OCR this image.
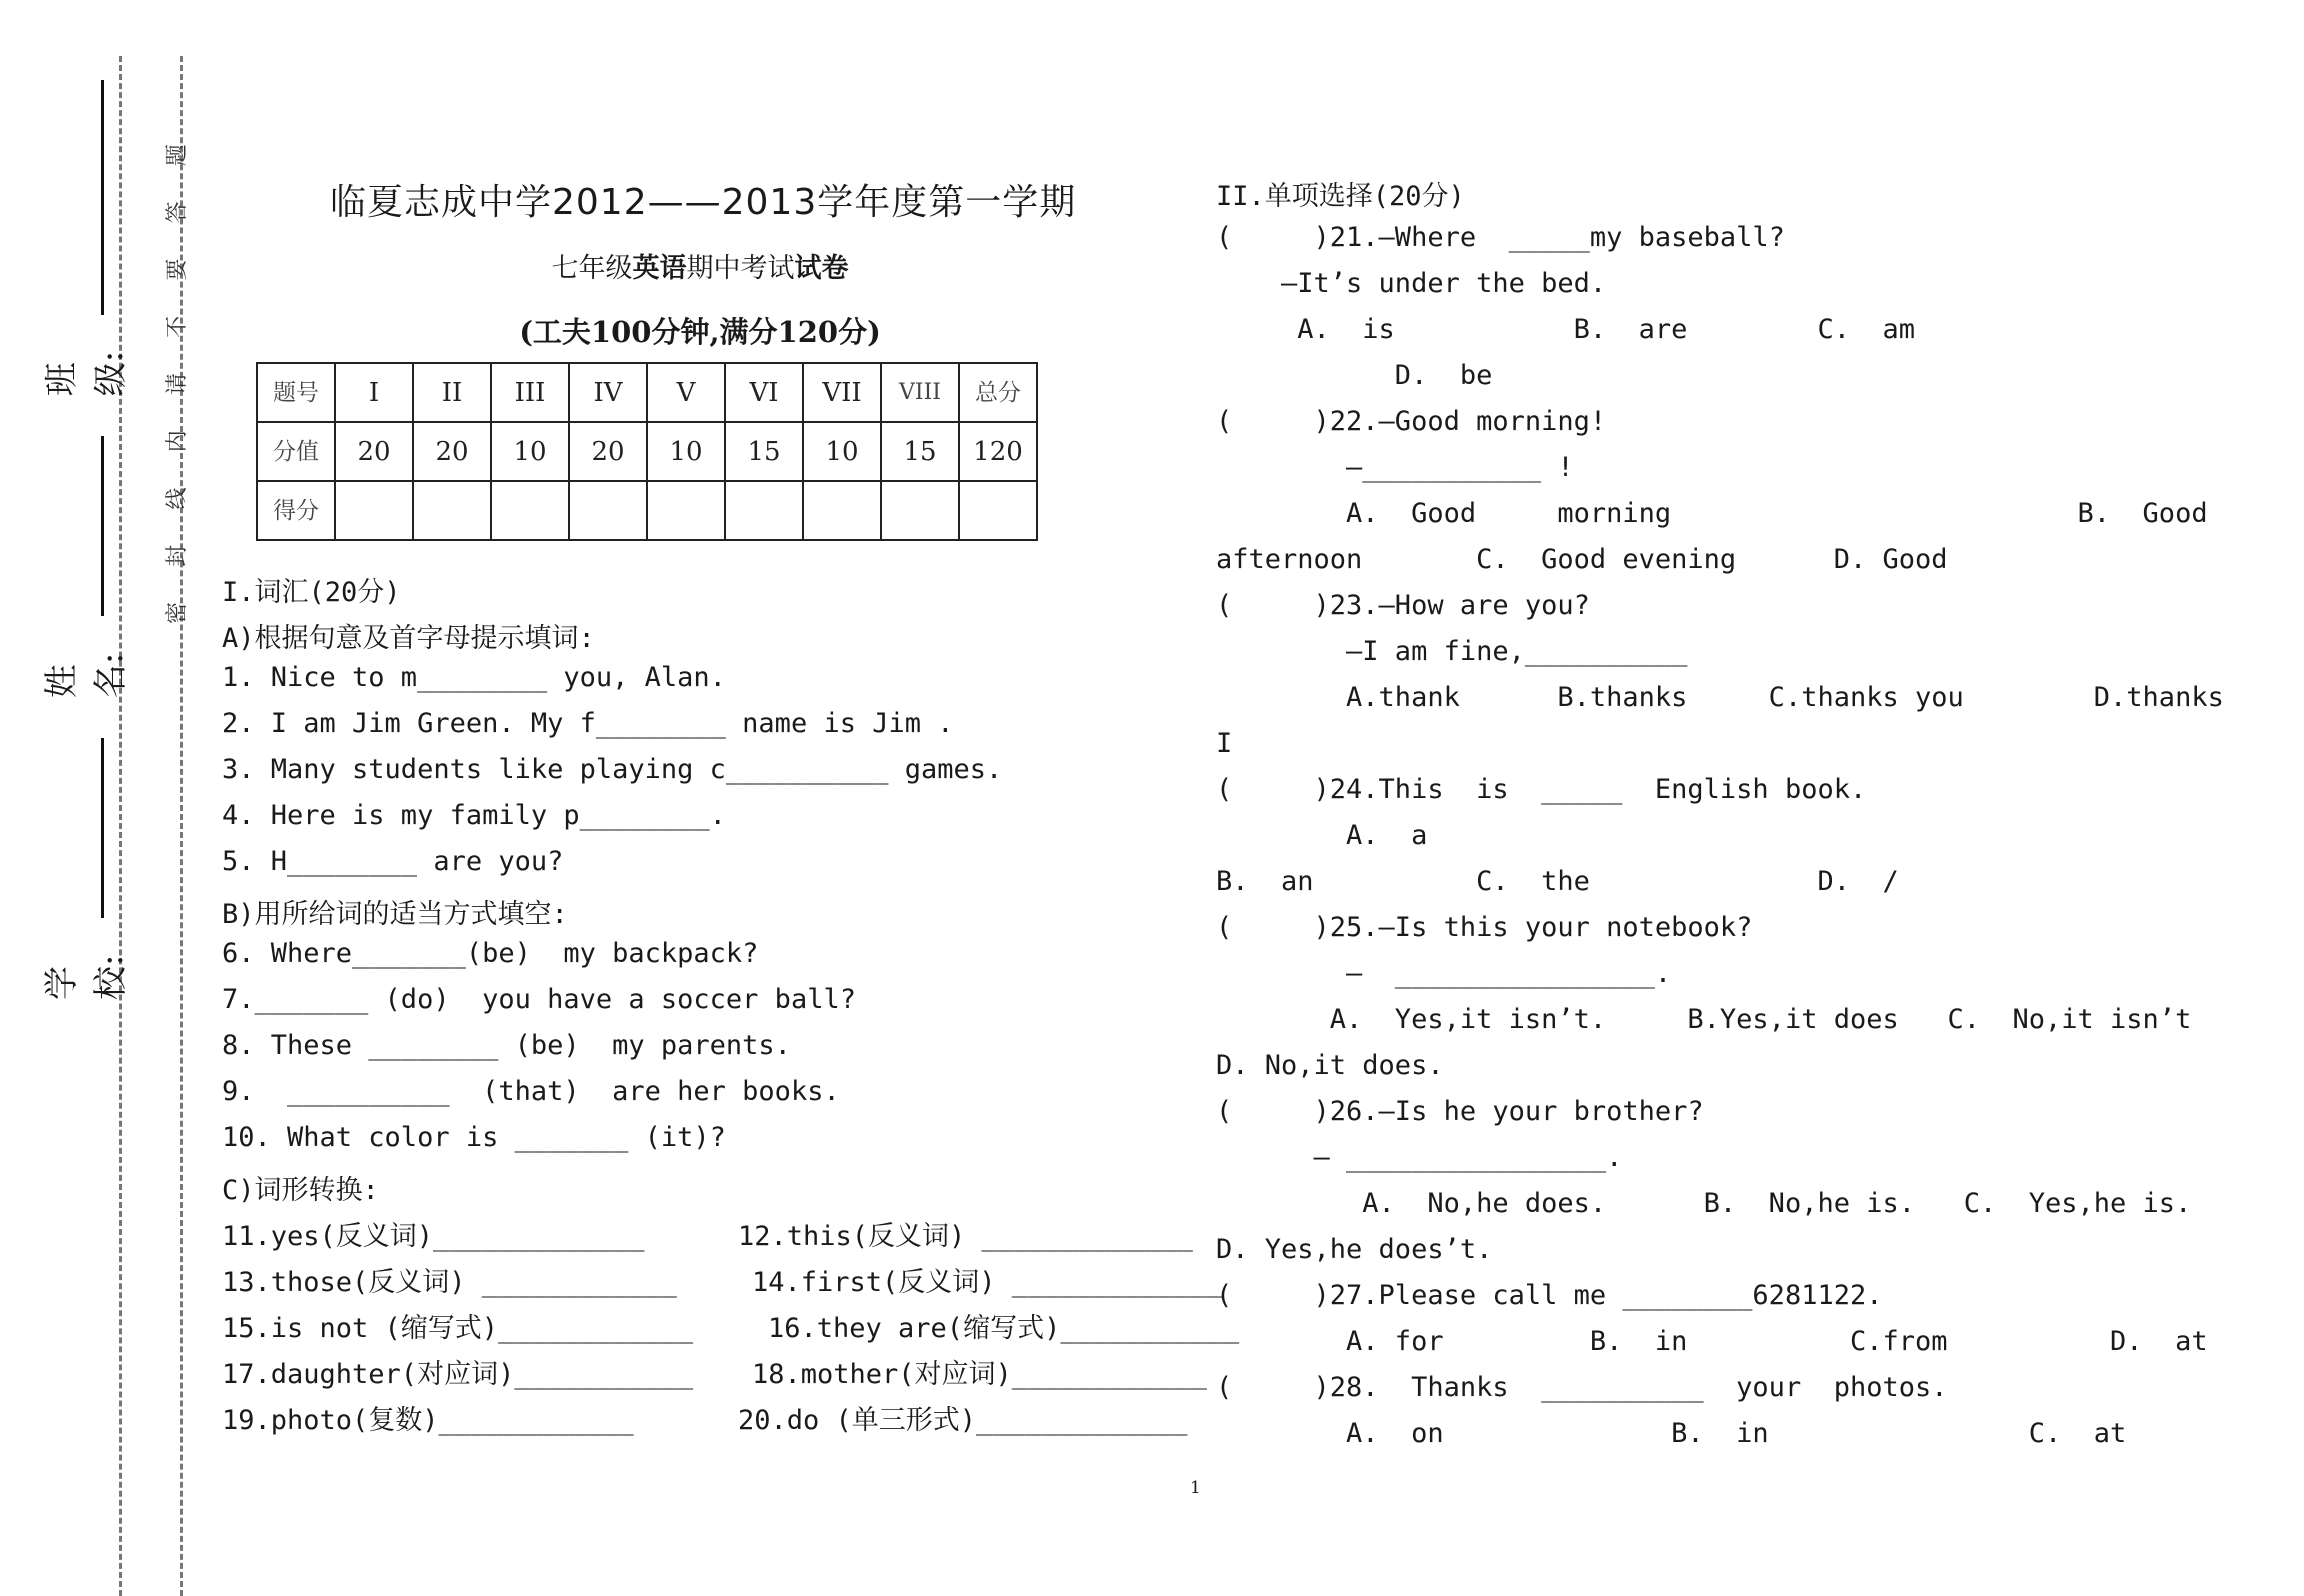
学校:
姓名:
班级:
密
封
线
内
请
不
要
答
题
临夏志成中学2012——2013学年度第一学期
七年级英语期中考试试卷
(工夫100分钟,满分120分)
题号	I	II	III	IV	V	VI	VII	VIII	总分
分值	20	20	10	20	10	15	10	15	120
得分									
I.词汇(20分)
A)根据句意及首字母提示填词:
1. Nice to m________ you, Alan.
2. I am Jim Green. My f________ name is Jim .
3. Many students like playing c__________ games.
4. Here is my family p________.
5. H________ are you?
B)用所给词的适当方式填空:
6. Where_______(be)  my backpack?
7._______ (do)  you have a soccer ball?
8. These ________ (be)  my parents.
9.  __________  (that)  are her books.
10. What color is _______ (it)?
C)词形转换:
11.yes(反义词)_____________	12.this(反义词) _____________
13.those(反义词) ____________	14.first(反义词) _____________
15.is not (缩写式)____________	16.they are(缩写式)___________
17.daughter(对应词)___________ 18.mother(对应词)____________
19.photo(复数)____________	20.do (单三形式)_____________
II.单项选择(20分)
(     )21.—Where  _____my baseball?
—It’s under the bed.
A.  is           B.  are        C.  am
D.  be
(     )22.—Good morning!
—___________ !
A.  Good     morning                         B.  Good
afternoon       C.  Good evening      D. Good
(     )23.—How are you?
—I am fine,__________
A.thank      B.thanks     C.thanks you        D.thanks
I
(     )24.This  is  _____  English book.
A.  a
B.  an          C.  the              D.  /
(     )25.—Is this your notebook?
—  ________________.
A.  Yes,it isn’t.     B.Yes,it does   C.  No,it isn’t
D. No,it does.
(     )26.—Is he your brother?
— ________________.
A.  No,he does.      B.  No,he is.   C.  Yes,he is.
D. Yes,he does’t.
(     )27.Please call me ________6281122.
A. for         B.  in          C.from          D.  at
(     )28.  Thanks  __________  your  photos.
A.  on              B.  in                C.  at
1
